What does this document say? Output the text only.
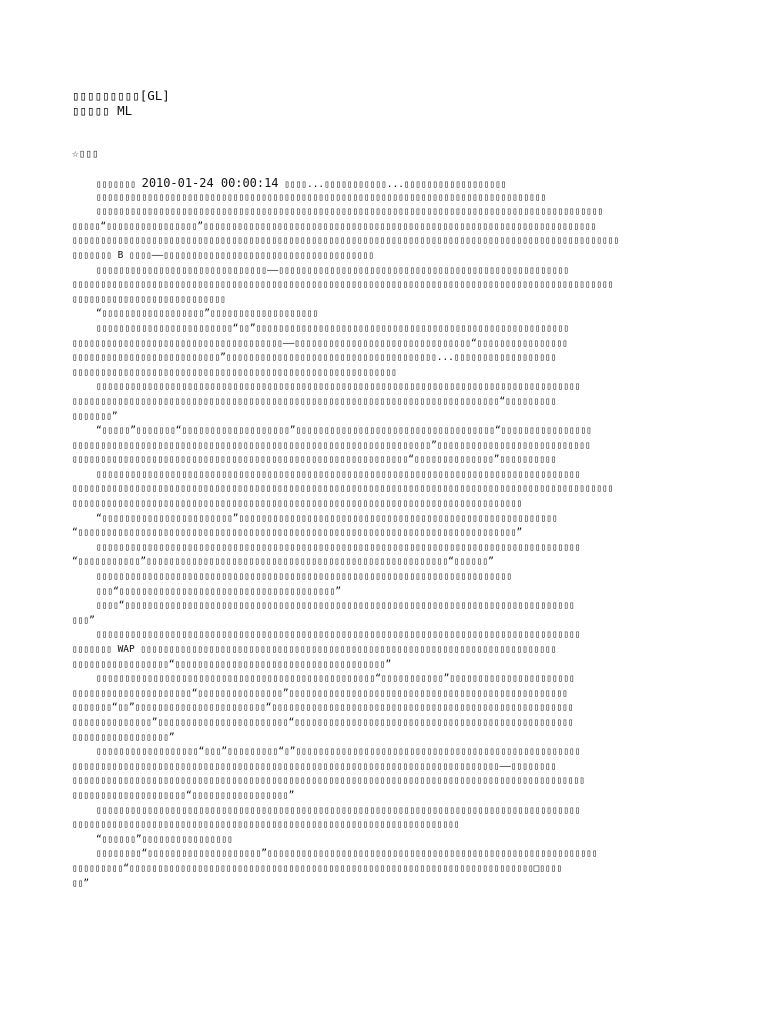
▯▯▯▯▯▯▯▯▯[GL]
▯▯▯▯▯ ML
☆▯▯▯
▯▯▯▯▯▯▯ 2010-01-24 00:00:14 ▯▯▯▯...▯▯▯▯▯▯▯▯▯▯▯...▯▯▯▯▯▯▯▯▯▯▯▯▯▯▯▯▯▯
▯▯▯▯▯▯▯▯▯▯▯▯▯▯▯▯▯▯▯▯▯▯▯▯▯▯▯▯▯▯▯▯▯▯▯▯▯▯▯▯▯▯▯▯▯▯▯▯▯▯▯▯▯▯▯▯▯▯▯▯▯▯▯▯▯▯▯▯▯▯▯▯▯▯▯▯▯▯▯
▯▯▯▯▯▯▯▯▯▯▯▯▯▯▯▯▯▯▯▯▯▯▯▯▯▯▯▯▯▯▯▯▯▯▯▯▯▯▯▯▯▯▯▯▯▯▯▯▯▯▯▯▯▯▯▯▯▯▯▯▯▯▯▯▯▯▯▯▯▯▯▯▯▯▯▯▯▯▯▯▯▯▯▯▯▯▯▯▯
▯▯▯▯▯“▯▯▯▯▯▯▯▯▯▯▯▯▯▯▯▯”▯▯▯▯▯▯▯▯▯▯▯▯▯▯▯▯▯▯▯▯▯▯▯▯▯▯▯▯▯▯▯▯▯▯▯▯▯▯▯▯▯▯▯▯▯▯▯▯▯▯▯▯▯▯▯▯▯▯▯▯▯▯▯▯▯▯▯▯▯
▯▯▯▯▯▯▯▯▯▯▯▯▯▯▯▯▯▯▯▯▯▯▯▯▯▯▯▯▯▯▯▯▯▯▯▯▯▯▯▯▯▯▯▯▯▯▯▯▯▯▯▯▯▯▯▯▯▯▯▯▯▯▯▯▯▯▯▯▯▯▯▯▯▯▯▯▯▯▯▯▯▯▯▯▯▯▯▯▯▯▯▯▯▯▯▯
▯▯▯▯▯▯▯ B ▯▯▯▯——▯▯▯▯▯▯▯▯▯▯▯▯▯▯▯▯▯▯▯▯▯▯▯▯▯▯▯▯▯▯▯▯▯▯▯▯▯
▯▯▯▯▯▯▯▯▯▯▯▯▯▯▯▯▯▯▯▯▯▯▯▯▯▯▯▯▯▯——▯▯▯▯▯▯▯▯▯▯▯▯▯▯▯▯▯▯▯▯▯▯▯▯▯▯▯▯▯▯▯▯▯▯▯▯▯▯▯▯▯▯▯▯▯▯▯▯▯▯▯
▯▯▯▯▯▯▯▯▯▯▯▯▯▯▯▯▯▯▯▯▯▯▯▯▯▯▯▯▯▯▯▯▯▯▯▯▯▯▯▯▯▯▯▯▯▯▯▯▯▯▯▯▯▯▯▯▯▯▯▯▯▯▯▯▯▯▯▯▯▯▯▯▯▯▯▯▯▯▯▯▯▯▯▯▯▯▯▯▯▯▯▯▯▯▯
▯▯▯▯▯▯▯▯▯▯▯▯▯▯▯▯▯▯▯▯▯▯▯▯▯▯▯
“▯▯▯▯▯▯▯▯▯▯▯▯▯▯▯▯▯▯”▯▯▯▯▯▯▯▯▯▯▯▯▯▯▯▯▯▯▯
▯▯▯▯▯▯▯▯▯▯▯▯▯▯▯▯▯▯▯▯▯▯▯▯“▯▯”▯▯▯▯▯▯▯▯▯▯▯▯▯▯▯▯▯▯▯▯▯▯▯▯▯▯▯▯▯▯▯▯▯▯▯▯▯▯▯▯▯▯▯▯▯▯▯▯▯▯▯▯▯▯▯
▯▯▯▯▯▯▯▯▯▯▯▯▯▯▯▯▯▯▯▯▯▯▯▯▯▯▯▯▯▯▯▯▯▯▯▯▯——▯▯▯▯▯▯▯▯▯▯▯▯▯▯▯▯▯▯▯▯▯▯▯▯▯▯▯▯▯▯▯“▯▯▯▯▯▯▯▯▯▯▯▯▯▯▯▯
▯▯▯▯▯▯▯▯▯▯▯▯▯▯▯▯▯▯▯▯▯▯▯▯▯▯”▯▯▯▯▯▯▯▯▯▯▯▯▯▯▯▯▯▯▯▯▯▯▯▯▯▯▯▯▯▯▯▯▯▯▯▯▯...▯▯▯▯▯▯▯▯▯▯▯▯▯▯▯▯▯▯
▯▯▯▯▯▯▯▯▯▯▯▯▯▯▯▯▯▯▯▯▯▯▯▯▯▯▯▯▯▯▯▯▯▯▯▯▯▯▯▯▯▯▯▯▯▯▯▯▯▯▯▯▯▯▯▯▯
▯▯▯▯▯▯▯▯▯▯▯▯▯▯▯▯▯▯▯▯▯▯▯▯▯▯▯▯▯▯▯▯▯▯▯▯▯▯▯▯▯▯▯▯▯▯▯▯▯▯▯▯▯▯▯▯▯▯▯▯▯▯▯▯▯▯▯▯▯▯▯▯▯▯▯▯▯▯▯▯▯▯▯▯▯
▯▯▯▯▯▯▯▯▯▯▯▯▯▯▯▯▯▯▯▯▯▯▯▯▯▯▯▯▯▯▯▯▯▯▯▯▯▯▯▯▯▯▯▯▯▯▯▯▯▯▯▯▯▯▯▯▯▯▯▯▯▯▯▯▯▯▯▯▯▯▯▯▯▯▯“▯▯▯▯▯▯▯▯▯
▯▯▯▯▯▯▯”
“▯▯▯▯▯”▯▯▯▯▯▯▯“▯▯▯▯▯▯▯▯▯▯▯▯▯▯▯▯▯▯▯”▯▯▯▯▯▯▯▯▯▯▯▯▯▯▯▯▯▯▯▯▯▯▯▯▯▯▯▯▯▯▯▯▯▯▯“▯▯▯▯▯▯▯▯▯▯▯▯▯▯▯▯
▯▯▯▯▯▯▯▯▯▯▯▯▯▯▯▯▯▯▯▯▯▯▯▯▯▯▯▯▯▯▯▯▯▯▯▯▯▯▯▯▯▯▯▯▯▯▯▯▯▯▯▯▯▯▯▯▯▯▯▯▯▯▯”▯▯▯▯▯▯▯▯▯▯▯▯▯▯▯▯▯▯▯▯▯▯▯▯▯▯▯
▯▯▯▯▯▯▯▯▯▯▯▯▯▯▯▯▯▯▯▯▯▯▯▯▯▯▯▯▯▯▯▯▯▯▯▯▯▯▯▯▯▯▯▯▯▯▯▯▯▯▯▯▯▯▯▯▯▯▯“▯▯▯▯▯▯▯▯▯▯▯▯▯▯”▯▯▯▯▯▯▯▯▯▯
▯▯▯▯▯▯▯▯▯▯▯▯▯▯▯▯▯▯▯▯▯▯▯▯▯▯▯▯▯▯▯▯▯▯▯▯▯▯▯▯▯▯▯▯▯▯▯▯▯▯▯▯▯▯▯▯▯▯▯▯▯▯▯▯▯▯▯▯▯▯▯▯▯▯▯▯▯▯▯▯▯▯▯▯▯
▯▯▯▯▯▯▯▯▯▯▯▯▯▯▯▯▯▯▯▯▯▯▯▯▯▯▯▯▯▯▯▯▯▯▯▯▯▯▯▯▯▯▯▯▯▯▯▯▯▯▯▯▯▯▯▯▯▯▯▯▯▯▯▯▯▯▯▯▯▯▯▯▯▯▯▯▯▯▯▯▯▯▯▯▯▯▯▯▯▯▯▯▯▯▯
▯▯▯▯▯▯▯▯▯▯▯▯▯▯▯▯▯▯▯▯▯▯▯▯▯▯▯▯▯▯▯▯▯▯▯▯▯▯▯▯▯▯▯▯▯▯▯▯▯▯▯▯▯▯▯▯▯▯▯▯▯▯▯▯▯▯▯▯▯▯▯▯▯▯▯▯▯▯▯
“▯▯▯▯▯▯▯▯▯▯▯▯▯▯▯▯▯▯▯▯▯▯▯”▯▯▯▯▯▯▯▯▯▯▯▯▯▯▯▯▯▯▯▯▯▯▯▯▯▯▯▯▯▯▯▯▯▯▯▯▯▯▯▯▯▯▯▯▯▯▯▯▯▯▯▯▯▯▯▯
“▯▯▯▯▯▯▯▯▯▯▯▯▯▯▯▯▯▯▯▯▯▯▯▯▯▯▯▯▯▯▯▯▯▯▯▯▯▯▯▯▯▯▯▯▯▯▯▯▯▯▯▯▯▯▯▯▯▯▯▯▯▯▯▯▯▯▯▯▯▯▯▯▯▯▯▯▯”
▯▯▯▯▯▯▯▯▯▯▯▯▯▯▯▯▯▯▯▯▯▯▯▯▯▯▯▯▯▯▯▯▯▯▯▯▯▯▯▯▯▯▯▯▯▯▯▯▯▯▯▯▯▯▯▯▯▯▯▯▯▯▯▯▯▯▯▯▯▯▯▯▯▯▯▯▯▯▯▯▯▯▯▯▯
“▯▯▯▯▯▯▯▯▯▯▯”▯▯▯▯▯▯▯▯▯▯▯▯▯▯▯▯▯▯▯▯▯▯▯▯▯▯▯▯▯▯▯▯▯▯▯▯▯▯▯▯▯▯▯▯▯▯▯▯▯▯▯▯▯“▯▯▯▯▯▯”
▯▯▯▯▯▯▯▯▯▯▯▯▯▯▯▯▯▯▯▯▯▯▯▯▯▯▯▯▯▯▯▯▯▯▯▯▯▯▯▯▯▯▯▯▯▯▯▯▯▯▯▯▯▯▯▯▯▯▯▯▯▯▯▯▯▯▯▯▯▯▯▯▯
▯▯▯“▯▯▯▯▯▯▯▯▯▯▯▯▯▯▯▯▯▯▯▯▯▯▯▯▯▯▯▯▯▯▯▯▯▯▯▯▯▯”
▯▯▯▯“▯▯▯▯▯▯▯▯▯▯▯▯▯▯▯▯▯▯▯▯▯▯▯▯▯▯▯▯▯▯▯▯▯▯▯▯▯▯▯▯▯▯▯▯▯▯▯▯▯▯▯▯▯▯▯▯▯▯▯▯▯▯▯▯▯▯▯▯▯▯▯▯▯▯▯▯▯▯▯
▯▯▯”
▯▯▯▯▯▯▯▯▯▯▯▯▯▯▯▯▯▯▯▯▯▯▯▯▯▯▯▯▯▯▯▯▯▯▯▯▯▯▯▯▯▯▯▯▯▯▯▯▯▯▯▯▯▯▯▯▯▯▯▯▯▯▯▯▯▯▯▯▯▯▯▯▯▯▯▯▯▯▯▯▯▯▯▯▯
▯▯▯▯▯▯▯ WAP ▯▯▯▯▯▯▯▯▯▯▯▯▯▯▯▯▯▯▯▯▯▯▯▯▯▯▯▯▯▯▯▯▯▯▯▯▯▯▯▯▯▯▯▯▯▯▯▯▯▯▯▯▯▯▯▯▯▯▯▯▯▯▯▯▯▯▯▯▯▯▯▯▯
▯▯▯▯▯▯▯▯▯▯▯▯▯▯▯▯▯“▯▯▯▯▯▯▯▯▯▯▯▯▯▯▯▯▯▯▯▯▯▯▯▯▯▯▯▯▯▯▯▯▯▯▯▯▯”
▯▯▯▯▯▯▯▯▯▯▯▯▯▯▯▯▯▯▯▯▯▯▯▯▯▯▯▯▯▯▯▯▯▯▯▯▯▯▯▯▯▯▯▯▯▯▯▯▯“▯▯▯▯▯▯▯▯▯▯▯”▯▯▯▯▯▯▯▯▯▯▯▯▯▯▯▯▯▯▯▯▯▯
▯▯▯▯▯▯▯▯▯▯▯▯▯▯▯▯▯▯▯▯▯“▯▯▯▯▯▯▯▯▯▯▯▯▯▯▯”▯▯▯▯▯▯▯▯▯▯▯▯▯▯▯▯▯▯▯▯▯▯▯▯▯▯▯▯▯▯▯▯▯▯▯▯▯▯▯▯▯▯▯▯▯▯▯▯▯
▯▯▯▯▯▯▯“▯▯”▯▯▯▯▯▯▯▯▯▯▯▯▯▯▯▯▯▯▯▯▯▯▯“▯▯▯▯▯▯▯▯▯▯▯▯▯▯▯▯▯▯▯▯▯▯▯▯▯▯▯▯▯▯▯▯▯▯▯▯▯▯▯▯▯▯▯▯▯▯▯▯▯▯▯▯▯
▯▯▯▯▯▯▯▯▯▯▯▯▯▯”▯▯▯▯▯▯▯▯▯▯▯▯▯▯▯▯▯▯▯▯▯▯▯“▯▯▯▯▯▯▯▯▯▯▯▯▯▯▯▯▯▯▯▯▯▯▯▯▯▯▯▯▯▯▯▯▯▯▯▯▯▯▯▯▯▯▯▯▯▯▯▯▯
▯▯▯▯▯▯▯▯▯▯▯▯▯▯▯▯▯”
▯▯▯▯▯▯▯▯▯▯▯▯▯▯▯▯▯▯“▯▯▯”▯▯▯▯▯▯▯▯▯“▯”▯▯▯▯▯▯▯▯▯▯▯▯▯▯▯▯▯▯▯▯▯▯▯▯▯▯▯▯▯▯▯▯▯▯▯▯▯▯▯▯▯▯▯▯▯▯▯▯▯▯
▯▯▯▯▯▯▯▯▯▯▯▯▯▯▯▯▯▯▯▯▯▯▯▯▯▯▯▯▯▯▯▯▯▯▯▯▯▯▯▯▯▯▯▯▯▯▯▯▯▯▯▯▯▯▯▯▯▯▯▯▯▯▯▯▯▯▯▯▯▯▯▯▯▯▯——▯▯▯▯▯▯▯▯
▯▯▯▯▯▯▯▯▯▯▯▯▯▯▯▯▯▯▯▯▯▯▯▯▯▯▯▯▯▯▯▯▯▯▯▯▯▯▯▯▯▯▯▯▯▯▯▯▯▯▯▯▯▯▯▯▯▯▯▯▯▯▯▯▯▯▯▯▯▯▯▯▯▯▯▯▯▯▯▯▯▯▯▯▯▯▯▯▯▯
▯▯▯▯▯▯▯▯▯▯▯▯▯▯▯▯▯▯▯▯“▯▯▯▯▯▯▯▯▯▯▯▯▯▯▯▯▯”
▯▯▯▯▯▯▯▯▯▯▯▯▯▯▯▯▯▯▯▯▯▯▯▯▯▯▯▯▯▯▯▯▯▯▯▯▯▯▯▯▯▯▯▯▯▯▯▯▯▯▯▯▯▯▯▯▯▯▯▯▯▯▯▯▯▯▯▯▯▯▯▯▯▯▯▯▯▯▯▯▯▯▯▯▯
▯▯▯▯▯▯▯▯▯▯▯▯▯▯▯▯▯▯▯▯▯▯▯▯▯▯▯▯▯▯▯▯▯▯▯▯▯▯▯▯▯▯▯▯▯▯▯▯▯▯▯▯▯▯▯▯▯▯▯▯▯▯▯▯▯▯▯▯
“▯▯▯▯▯▯”▯▯▯▯▯▯▯▯▯▯▯▯▯▯▯▯
▯▯▯▯▯▯▯▯“▯▯▯▯▯▯▯▯▯▯▯▯▯▯▯▯▯▯▯▯”▯▯▯▯▯▯▯▯▯▯▯▯▯▯▯▯▯▯▯▯▯▯▯▯▯▯▯▯▯▯▯▯▯▯▯▯▯▯▯▯▯▯▯▯▯▯▯▯▯▯▯▯▯▯▯▯▯▯
▯▯▯▯▯▯▯▯▯“▯▯▯▯▯▯▯▯▯▯▯▯▯▯▯▯▯▯▯▯▯▯▯▯▯▯▯▯▯▯▯▯▯▯▯▯▯▯▯▯▯▯▯▯▯▯▯▯▯▯▯▯▯▯▯▯▯▯▯▯▯▯▯▯▯▯▯▯▯▯▯□▯▯▯▯
▯▯”
